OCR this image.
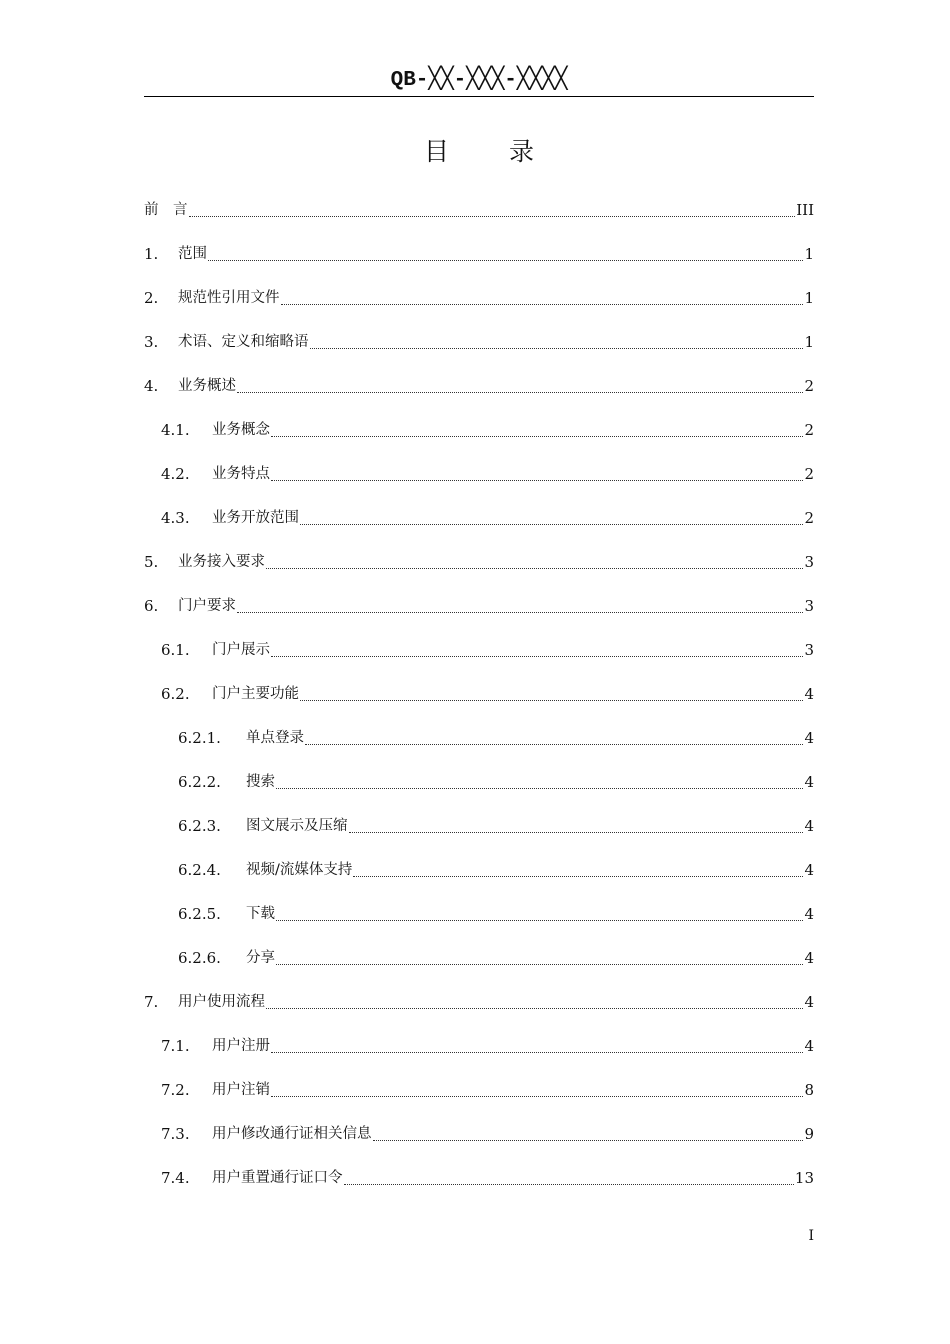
QB-╳╳-╳╳╳-╳╳╳╳
目录
前　言	III
1.	范围	1
2.	规范性引用文件	1
3.	术语、定义和缩略语	1
4.	业务概述	2
4.1.	业务概念	2
4.2.	业务特点	2
4.3.	业务开放范围	2
5.	业务接入要求	3
6.	门户要求	3
6.1.	门户展示	3
6.2.	门户主要功能	4
6.2.1.	单点登录	4
6.2.2.	搜索	4
6.2.3.	图文展示及压缩	4
6.2.4.	视频/流媒体支持	4
6.2.5.	下载	4
6.2.6.	分享	4
7.	用户使用流程	4
7.1.	用户注册	4
7.2.	用户注销	8
7.3.	用户修改通行证相关信息	9
7.4.	用户重置通行证口令	13
I
